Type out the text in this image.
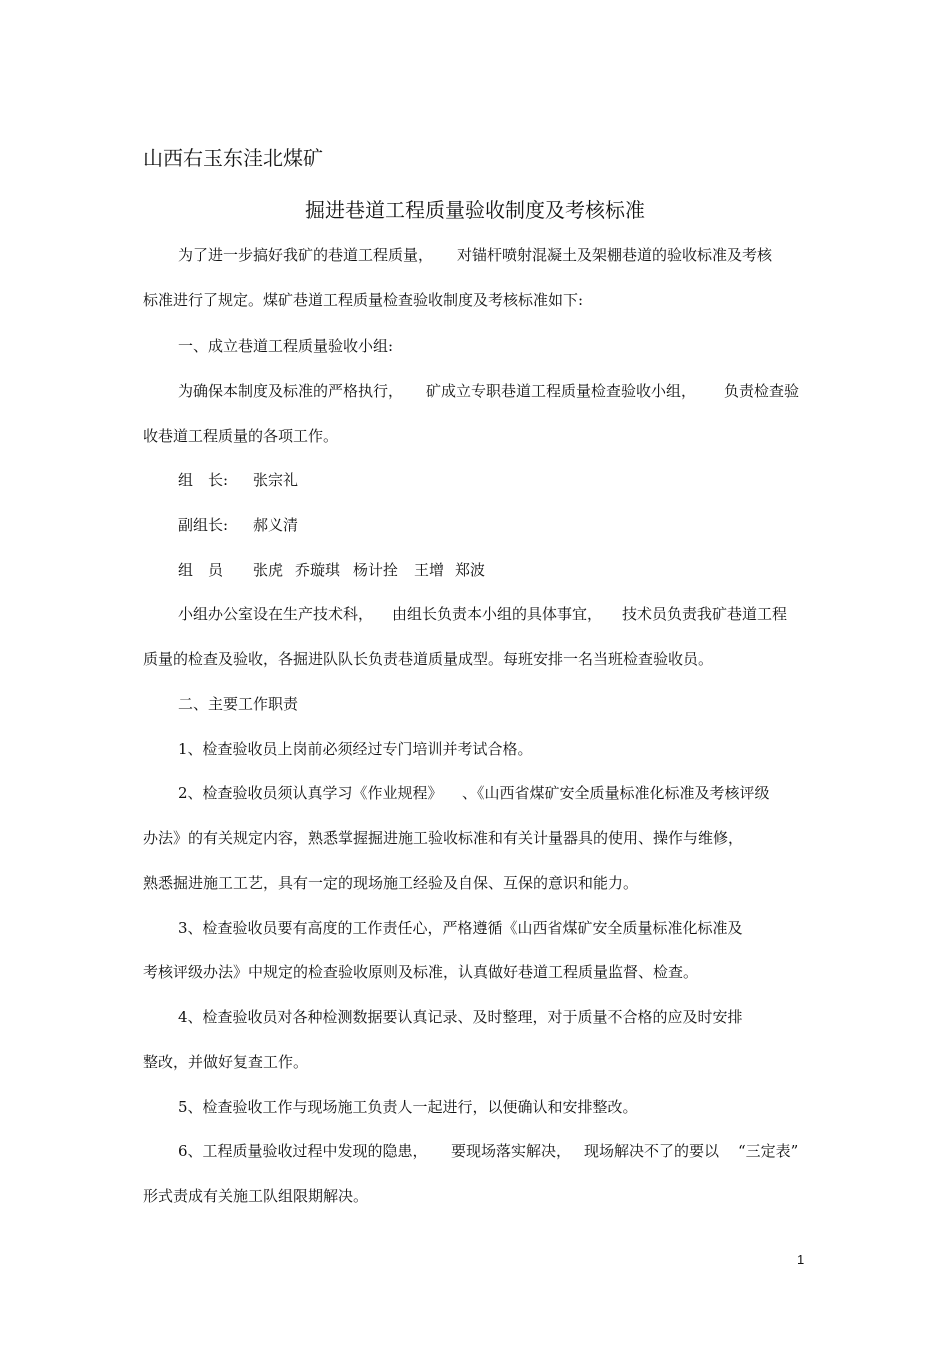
山西右玉东洼北煤矿
掘进巷道工程质量验收制度及考核标准
为了进一步搞好我矿的巷道工程质量， 对锚杆喷射混凝土及架棚巷道的验收标准及考核
标准进行了规定。煤矿巷道工程质量检查验收制度及考核标准如下:
一、成立巷道工程质量验收小组:
为确保本制度及标准的严格执行， 矿成立专职巷道工程质量检查验收小组， 负责检查验
收巷道工程质量的各项工作。
组　长: 张宗礼
副组长: 郝义清
组　员 张虎 乔璇琪 杨计拴 王增 郑波
小组办公室设在生产技术科， 由组长负责本小组的具体事宜， 技术员负责我矿巷道工程
质量的检查及验收，各掘进队队长负责巷道质量成型。每班安排一名当班检查验收员。
二、主要工作职责
1、检查验收员上岗前必须经过专门培训并考试合格。
2、检查验收员须认真学习《作业规程》 、《山西省煤矿安全质量标准化标准及考核评级
办法》的有关规定内容，熟悉掌握掘进施工验收标准和有关计量器具的使用、操作与维修，
熟悉掘进施工工艺，具有一定的现场施工经验及自保、互保的意识和能力。
3、检查验收员要有高度的工作责任心，严格遵循《山西省煤矿安全质量标准化标准及
考核评级办法》中规定的检查验收原则及标准，认真做好巷道工程质量监督、检查。
4、检查验收员对各种检测数据要认真记录、及时整理，对于质量不合格的应及时安排
整改，并做好复查工作。
5、检查验收工作与现场施工负责人一起进行，以便确认和安排整改。
6、工程质量验收过程中发现的隐患， 要现场落实解决， 现场解决不了的要以 “三定表”
形式责成有关施工队组限期解决。
1
